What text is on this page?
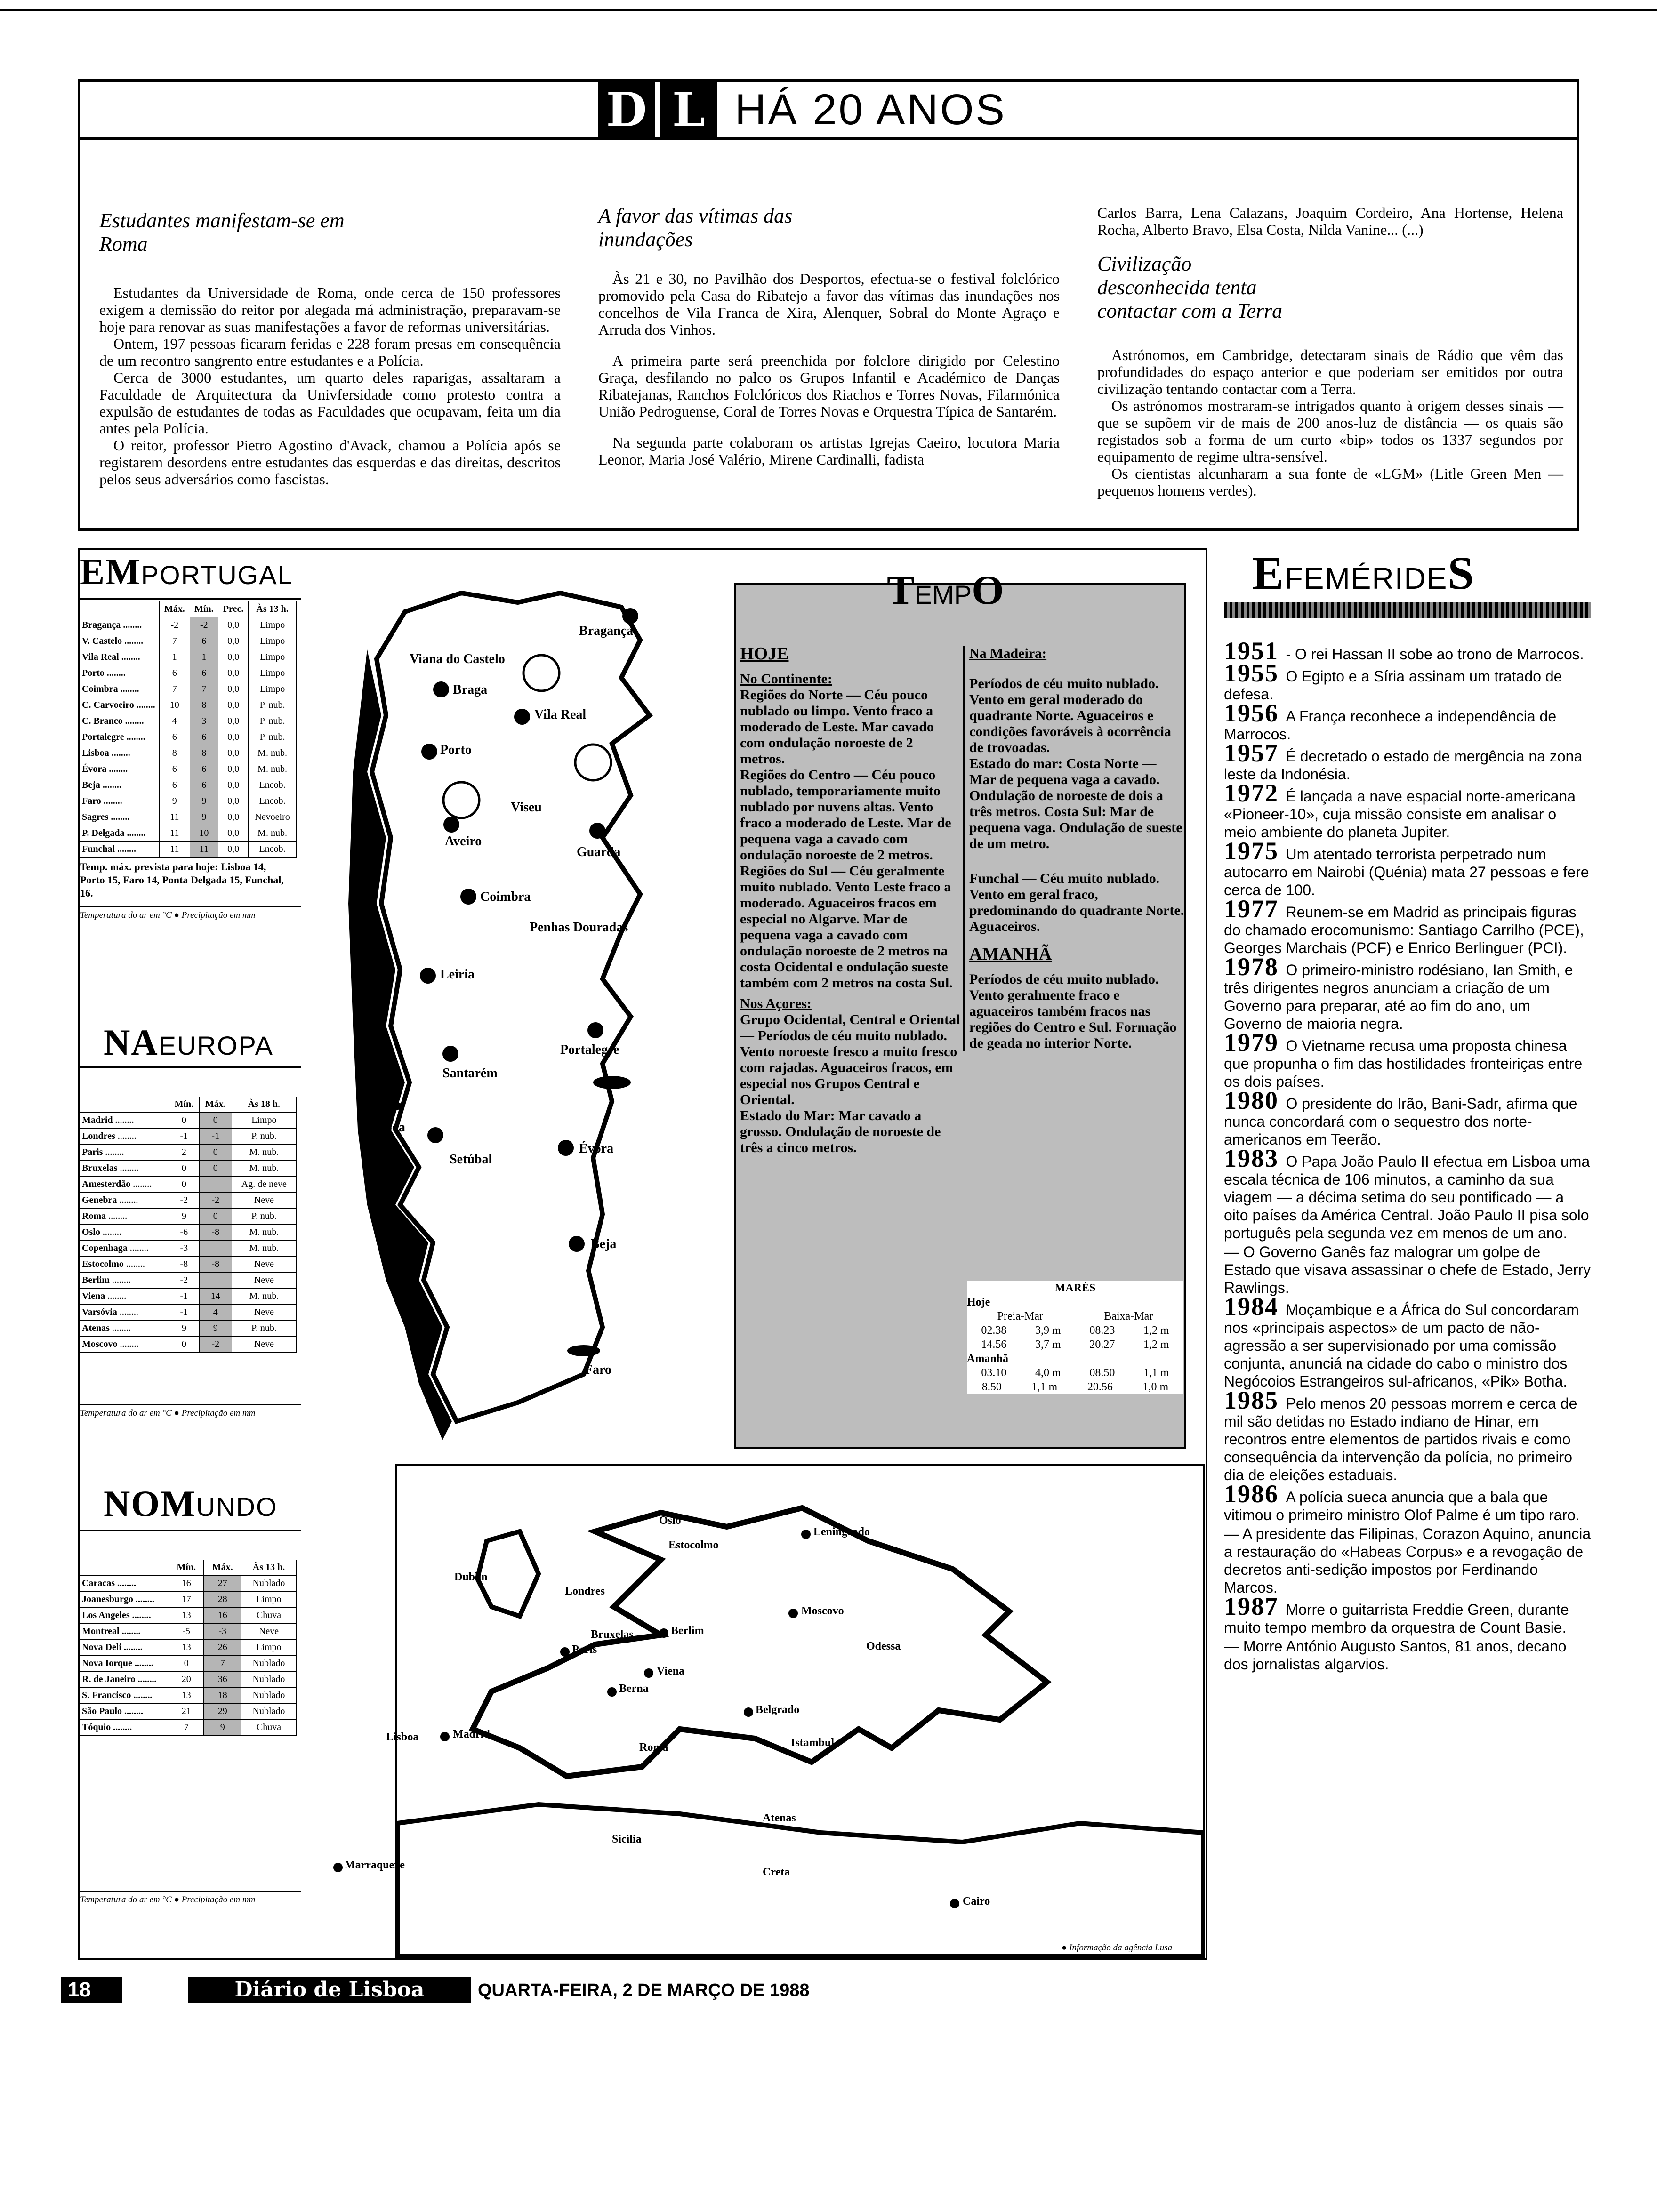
D L HÁ 20 ANOS
Estudantes manifestam-se em Roma

Estudantes da Universidade de Roma, onde cerca de 150 professores exigem a demissão do reitor por alegada má administração, preparavam-se hoje para renovar as suas manifestações a favor de reformas universitárias.

Ontem, 197 pessoas ficaram feridas e 228 foram presas em consequência de um recontro sangrento entre estudantes e a Polícia.

Cerca de 3000 estudantes, um quarto deles raparigas, assaltaram a Faculdade de Arquitectura da Univfersidade como protesto contra a expulsão de estudantes de todas as Faculdades que ocupavam, feita um dia antes pela Polícia.

O reitor, professor Pietro Agostino d'Avack, chamou a Polícia após se registarem desordens entre estudantes das esquerdas e das direitas, descritos pelos seus adversários como fascistas.

A favor das vítimas das inundações

Às 21 e 30, no Pavilhão dos Desportos, efectua-se o festival folclórico promovido pela Casa do Ribatejo a favor das vítimas das inundações nos concelhos de Vila Franca de Xira, Alenquer, Sobral do Monte Agraço e Arruda dos Vinhos.

A primeira parte será preenchida por folclore dirigido por Celestino Graça, desfilando no palco os Grupos Infantil e Académico de Danças Ribatejanas, Ranchos Folclóricos dos Riachos e Torres Novas, Filarmónica União Pedroguense, Coral de Torres Novas e Orquestra Típica de Santarém.

Na segunda parte colaboram os artistas Igrejas Caeiro, locutora Maria Leonor, Maria José Valério, Mirene Cardinalli, fadista

Carlos Barra, Lena Calazans, Joaquim Cordeiro, Ana Hortense, Helena Rocha, Alberto Bravo, Elsa Costa, Nilda Vanine... (...)

Civilização desconhecida tenta contactar com a Terra

Astrónomos, em Cambridge, detectaram sinais de Rádio que vêm das profundidades do espaço anterior e que poderiam ser emitidos por outra civilização tentando contactar com a Terra.

Os astrónomos mostraram-se intrigados quanto à origem desses sinais — que se supõem vir de mais de 200 anos-luz de distância — os quais são registados sob a forma de um curto «bip» todos os 1337 segundos por equipamento de regime ultra-sensível.

Os cientistas alcunharam a sua fonte de «LGM» (Litle Green Men — pequenos homens verdes).

EMPORTUGAL
	Máx.	Mín.	Prec.	Às 13 h.
Bragança ........	-2	-2	0,0	Limpo
V. Castelo ........	7	6	0,0	Limpo
Vila Real ........	1	1	0,0	Limpo
Porto ........	6	6	0,0	Limpo
Coimbra ........	7	7	0,0	Limpo
C. Carvoeiro ........	10	8	0,0	P. nub.
C. Branco ........	4	3	0,0	P. nub.
Portalegre ........	6	6	0,0	P. nub.
Lisboa ........	8	8	0,0	M. nub.
Évora ........	6	6	0,0	M. nub.
Beja ........	6	6	0,0	Encob.
Faro ........	9	9	0,0	Encob.
Sagres ........	11	9	0,0	Nevoeiro
P. Delgada ........	11	10	0,0	M. nub.
Funchal ........	11	11	0,0	Encob.
Temp. máx. prevista para hoje: Lisboa 14, Porto 15, Faro 14, Ponta Delgada 15, Funchal, 16.
Temperatura do ar em °C ● Precipitação em mm
NAEUROPA
	Mín.	Máx.	Às 18 h.
Madrid ........	0	0	Limpo
Londres ........	-1	-1	P. nub.
Paris ........	2	0	M. nub.
Bruxelas ........	0	0	M. nub.
Amesterdão ........	0	—	Ag. de neve
Genebra ........	-2	-2	Neve
Roma ........	9	0	P. nub.
Oslo ........	-6	-8	M. nub.
Copenhaga ........	-3	—	M. nub.
Estocolmo ........	-8	-8	Neve
Berlim ........	-2	—	Neve
Viena ........	-1	14	M. nub.
Varsóvia ........	-1	4	Neve
Atenas ........	9	9	P. nub.
Moscovo ........	0	-2	Neve
Temperatura do ar em °C ● Precipitação em mm
NOMUNDO
	Mín.	Máx.	Às 13 h.
Caracas ........	16	27	Nublado
Joanesburgo ........	17	28	Limpo
Los Angeles ........	13	16	Chuva
Montreal ........	-5	-3	Neve
Nova Deli ........	13	26	Limpo
Nova Iorque ........	0	7	Nublado
R. de Janeiro ........	20	36	Nublado
S. Francisco ........	13	18	Nublado
São Paulo ........	21	29	Nublado
Tóquio ........	7	9	Chuva
Temperatura do ar em °C ● Precipitação em mm
Bragança
Viana do Castelo
Braga
Vila Real
Porto
Viseu
Aveiro
Guarda
Coimbra
Penhas Douradas
Leiria
Portalegre
Santarém
Lisboa
Setúbal
Évora
Beja
Faro
TEMPO
HOJE
No Continente:
Regiões do Norte — Céu pouco nublado ou limpo. Vento fraco a moderado de Leste. Mar cavado com ondulação noroeste de 2 metros.
Regiões do Centro — Céu pouco nublado, temporariamente muito nublado por nuvens altas. Vento fraco a moderado de Leste. Mar de pequena vaga a cavado com ondulação noroeste de 2 metros.
Regiões do Sul — Céu geralmente muito nublado. Vento Leste fraco a moderado. Aguaceiros fracos em especial no Algarve. Mar de pequena vaga a cavado com ondulação noroeste de 2 metros na costa Ocidental e ondulação sueste também com 2 metros na costa Sul.
Nos Açores:
Grupo Ocidental, Central e Oriental — Períodos de céu muito nublado. Vento noroeste fresco a muito fresco com rajadas. Aguaceiros fracos, em especial nos Grupos Central e Oriental.
Estado do Mar: Mar cavado a grosso. Ondulação de noroeste de três a cinco metros.
Na Madeira:
Períodos de céu muito nublado. Vento em geral moderado do quadrante Norte. Aguaceiros e condições favoráveis à ocorrência de trovoadas.
Estado do mar: Costa Norte — Mar de pequena vaga a cavado. Ondulação de noroeste de dois a três metros. Costa Sul: Mar de pequena vaga. Ondulação de sueste de um metro.
Funchal — Céu muito nublado. Vento em geral fraco, predominando do quadrante Norte. Aguaceiros.
AMANHÃ
Períodos de céu muito nublado. Vento geralmente fraco e aguaceiros também fracos nas regiões do Centro e Sul. Formação de geada no interior Norte.
MARÉS
Hoje
Preia-Mar	Baixa-Mar
02.38	3,9 m	08.23	1,2 m
14.56	3,7 m	20.27	1,2 m
Amanhã
03.10	4,0 m	08.50	1,1 m
8.50	1,1 m	20.56	1,0 m
Oslo
Estocolmo
Leningrado
Dublin
Londres
Moscovo
Bruxelas	Berlim
Paris	Odessa
Viena
Berna
Belgrado
Lisboa	Madrid
Roma	Istambul
Atenas
Sicília
Creta
Marraquexe
Cairo
● Informação da agência Lusa
EFEMÉRIDES

1951 - O rei Hassan II sobe ao trono de Marrocos.

1955 O Egipto e a Síria assinam um tratado de defesa.

1956 A França reconhece a independência de Marrocos.

1957 É decretado o estado de mergência na zona leste da Indonésia.

1972 É lançada a nave espacial norte-americana «Pioneer-10», cuja missão consiste em analisar o meio ambiente do planeta Jupiter.

1975 Um atentado terrorista perpetrado num autocarro em Nairobi (Quénia) mata 27 pessoas e fere cerca de 100.

1977 Reunem-se em Madrid as principais figuras do chamado erocomunismo: Santiago Carrilho (PCE), Georges Marchais (PCF) e Enrico Berlinguer (PCI).

1978 O primeiro-ministro rodésiano, Ian Smith, e três dirigentes negros anunciam a criação de um Governo para preparar, até ao fim do ano, um Governo de maioria negra.

1979 O Vietname recusa uma proposta chinesa que propunha o fim das hostilidades fronteiriças entre os dois países.

1980 O presidente do Irão, Bani-Sadr, afirma que nunca concordará com o sequestro dos norte-americanos em Teerão.

1983 O Papa João Paulo II efectua em Lisboa uma escala técnica de 106 minutos, a caminho da sua viagem — a décima setima do seu pontificado — a oito países da América Central. João Paulo II pisa solo português pela segunda vez em menos de um ano.

— O Governo Ganês faz malograr um golpe de Estado que visava assassinar o chefe de Estado, Jerry Rawlings.

1984 Moçambique e a África do Sul concordaram nos «principais aspectos» de um pacto de não-agressão a ser supervisionado por uma comissão conjunta, anunciá na cidade do cabo o ministro dos Negócoios Estrangeiros sul-africanos, «Pik» Botha.

1985 Pelo menos 20 pessoas morrem e cerca de mil são detidas no Estado indiano de Hinar, em recontros entre elementos de partidos rivais e como consequência da intervenção da polícia, no primeiro dia de eleições estaduais.

1986 A polícia sueca anuncia que a bala que vitimou o primeiro ministro Olof Palme é um tipo raro.

— A presidente das Filipinas, Corazon Aquino, anuncia a restauração do «Habeas Corpus» e a revogação de decretos anti-sedição impostos por Ferdinando Marcos.

1987 Morre o guitarrista Freddie Green, durante muito tempo membro da orquestra de Count Basie.

— Morre António Augusto Santos, 81 anos, decano dos jornalistas algarvios.

18	Diário de Lisboa	QUARTA-FEIRA, 2 DE MARÇO DE 1988
